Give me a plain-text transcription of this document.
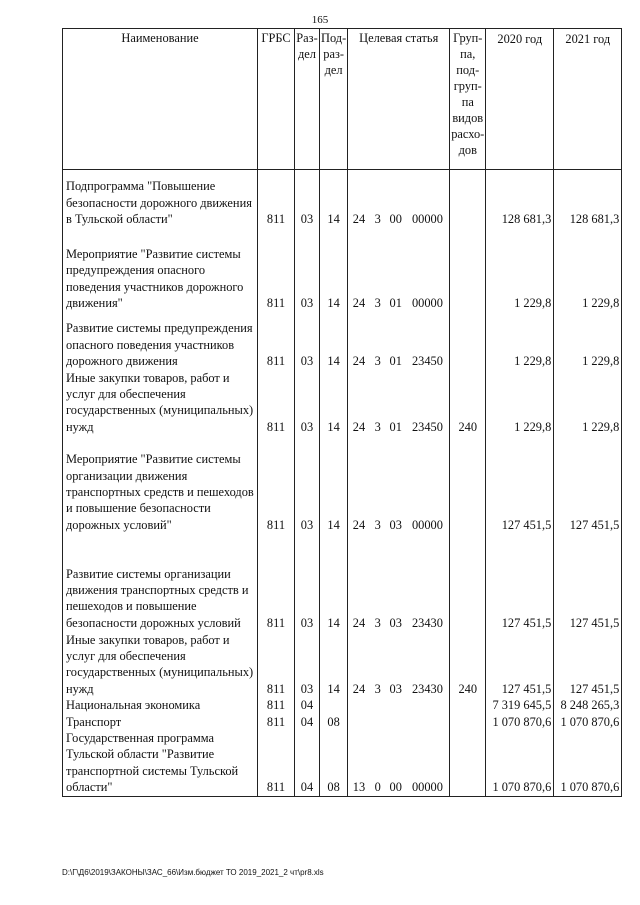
165
Наименование	ГРБС	Раз-дел	Под-раз-дел	Целевая статья				Груп-па, под-груп-па видов расхо-дов	2020 год	2021 год
Подпрограмма "Повышение безопасности дорожного движения в Тульской области"	811	03	14	24	3	00	00000		128 681,3	128 681,3
Мероприятие "Развитие системы предупреждения опасного поведения участников дорожного движения"	811	03	14	24	3	01	00000		1 229,8	1 229,8
Развитие системы предупреждения опасного поведения участников дорожного движения	811	03	14	24	3	01	23450		1 229,8	1 229,8
Иные закупки товаров, работ и услуг для обеспечения государственных (муниципальных) нужд	811	03	14	24	3	01	23450	240	1 229,8	1 229,8
Мероприятие "Развитие системы организации движения транспортных средств и пешеходов и повышение безопасности дорожных условий"	811	03	14	24	3	03	00000		127 451,5	127 451,5
Развитие системы организации движения транспортных средств и пешеходов и повышение безопасности дорожных условий	811	03	14	24	3	03	23430		127 451,5	127 451,5
Иные закупки товаров, работ и услуг для обеспечения государственных (муниципальных) нужд	811	03	14	24	3	03	23430	240	127 451,5	127 451,5
Национальная экономика	811	04							7 319 645,5	8 248 265,3
Транспорт	811	04	08						1 070 870,6	1 070 870,6
Государственная программа Тульской области "Развитие транспортной системы Тульской области"	811	04	08	13	0	00	00000		1 070 870,6	1 070 870,6
D:\Г\Д6\2019\ЗАКОНЫ\ЗАС_66\Изм.бюджет ТО 2019_2021_2 чт\pr8.xls
